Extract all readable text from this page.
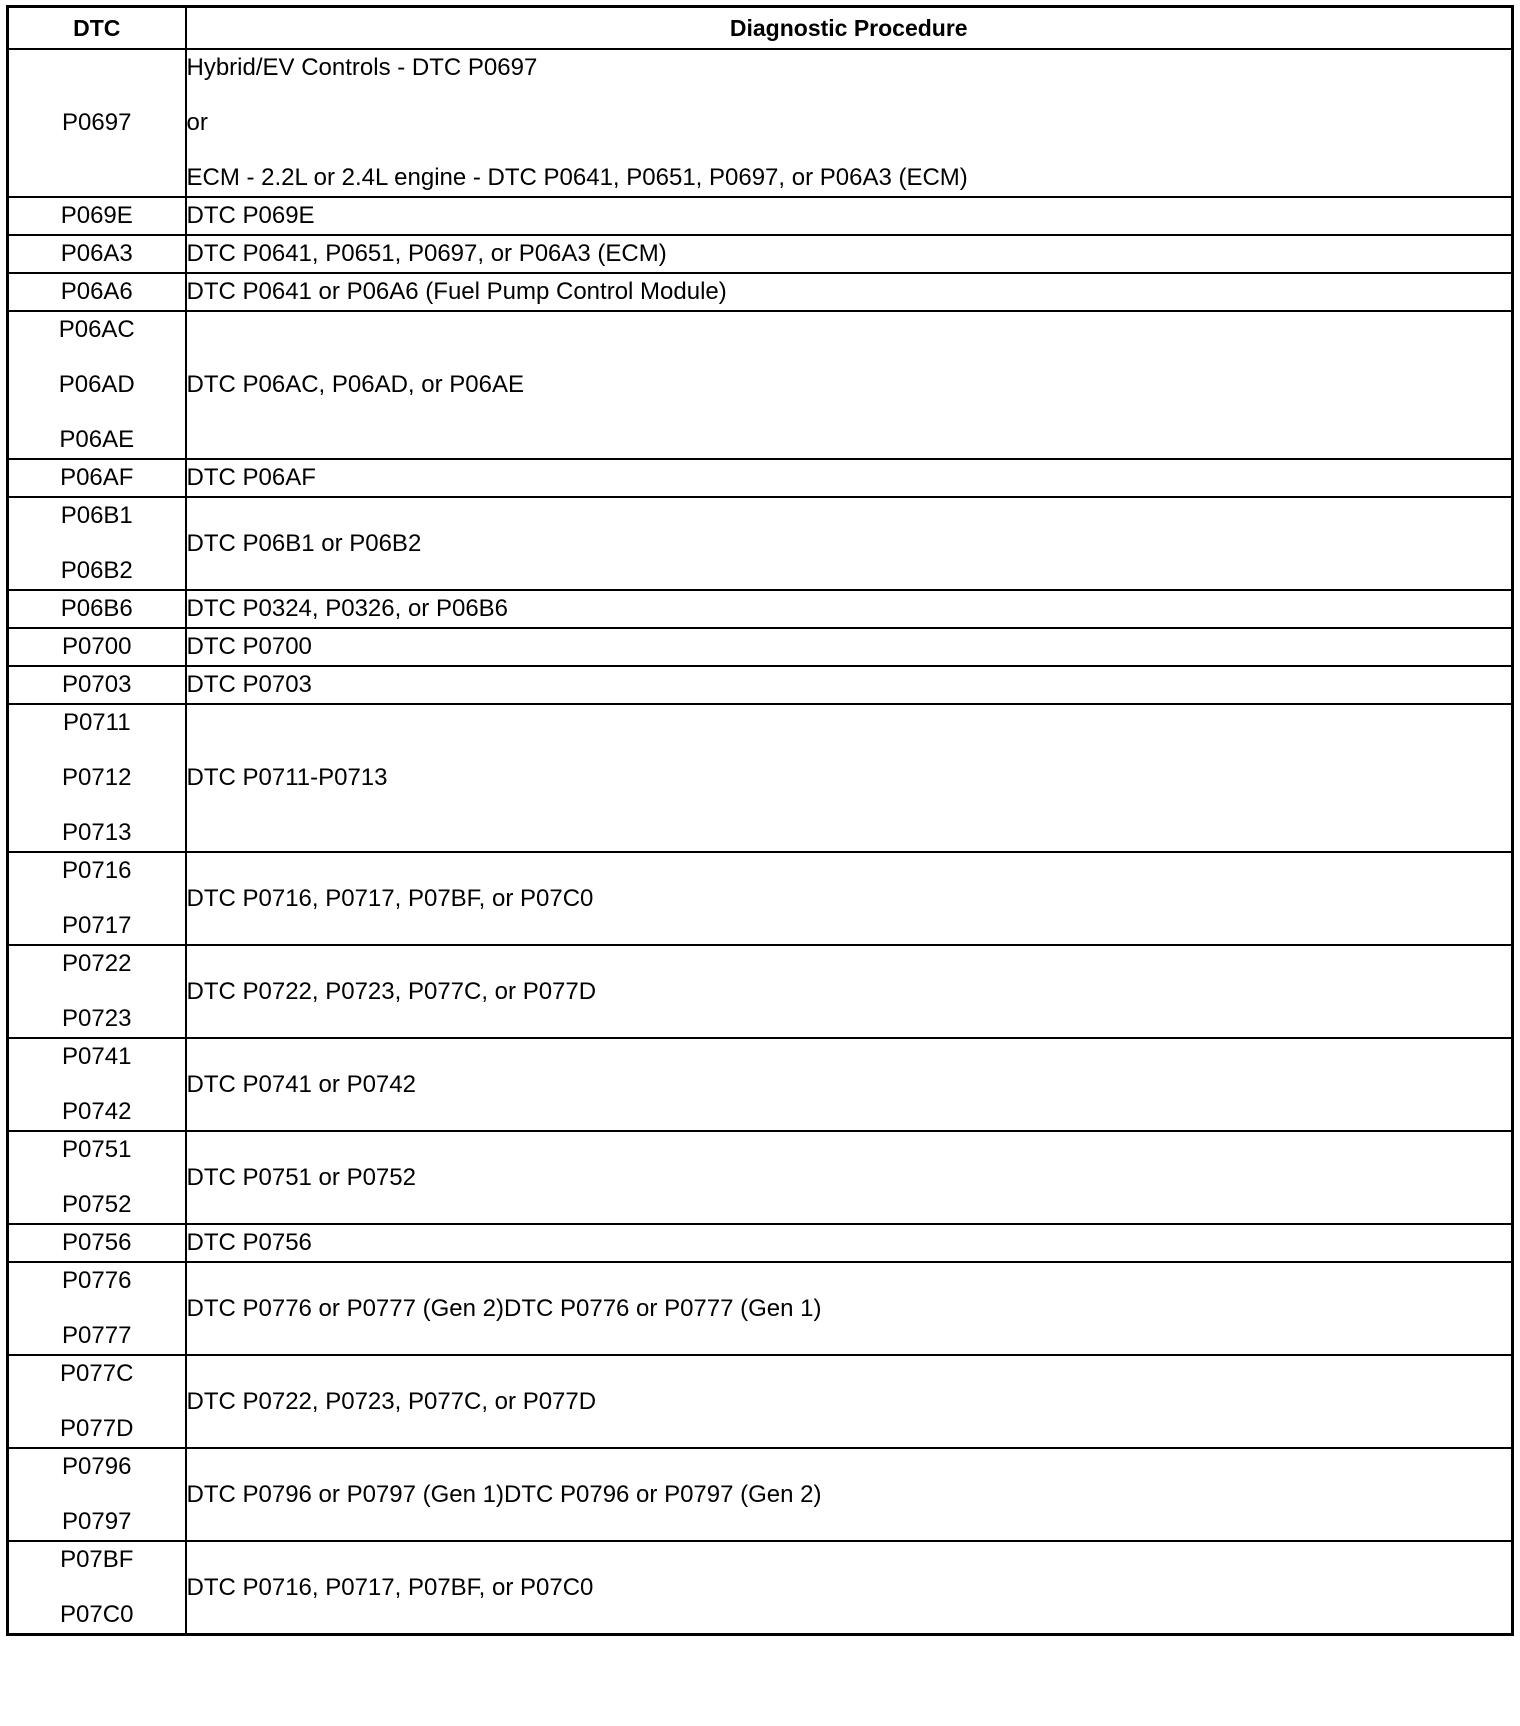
DTC	Diagnostic Procedure

P0697	Hybrid/EV Controls - DTC P0697
or
ECM - 2.2L or 2.4L engine - DTC P0641, P0651, P0697, or P06A3 (ECM)

P069E	DTC P069E

P06A3	DTC P0641, P0651, P0697, or P06A3 (ECM)

P06A6	DTC P0641 or P06A6 (Fuel Pump Control Module)

P06AC
P06AD
P06AE	DTC P06AC, P06AD, or P06AE

P06AF	DTC P06AF

P06B1
P06B2	DTC P06B1 or P06B2

P06B6	DTC P0324, P0326, or P06B6

P0700	DTC P0700

P0703	DTC P0703

P0711
P0712
P0713	DTC P0711-P0713

P0716
P0717	DTC P0716, P0717, P07BF, or P07C0

P0722
P0723	DTC P0722, P0723, P077C, or P077D

P0741
P0742	DTC P0741 or P0742

P0751
P0752	DTC P0751 or P0752

P0756	DTC P0756

P0776
P0777	DTC P0776 or P0777 (Gen 2)DTC P0776 or P0777 (Gen 1)

P077C
P077D	DTC P0722, P0723, P077C, or P077D

P0796
P0797	DTC P0796 or P0797 (Gen 1)DTC P0796 or P0797 (Gen 2)

P07BF
P07C0	DTC P0716, P0717, P07BF, or P07C0
